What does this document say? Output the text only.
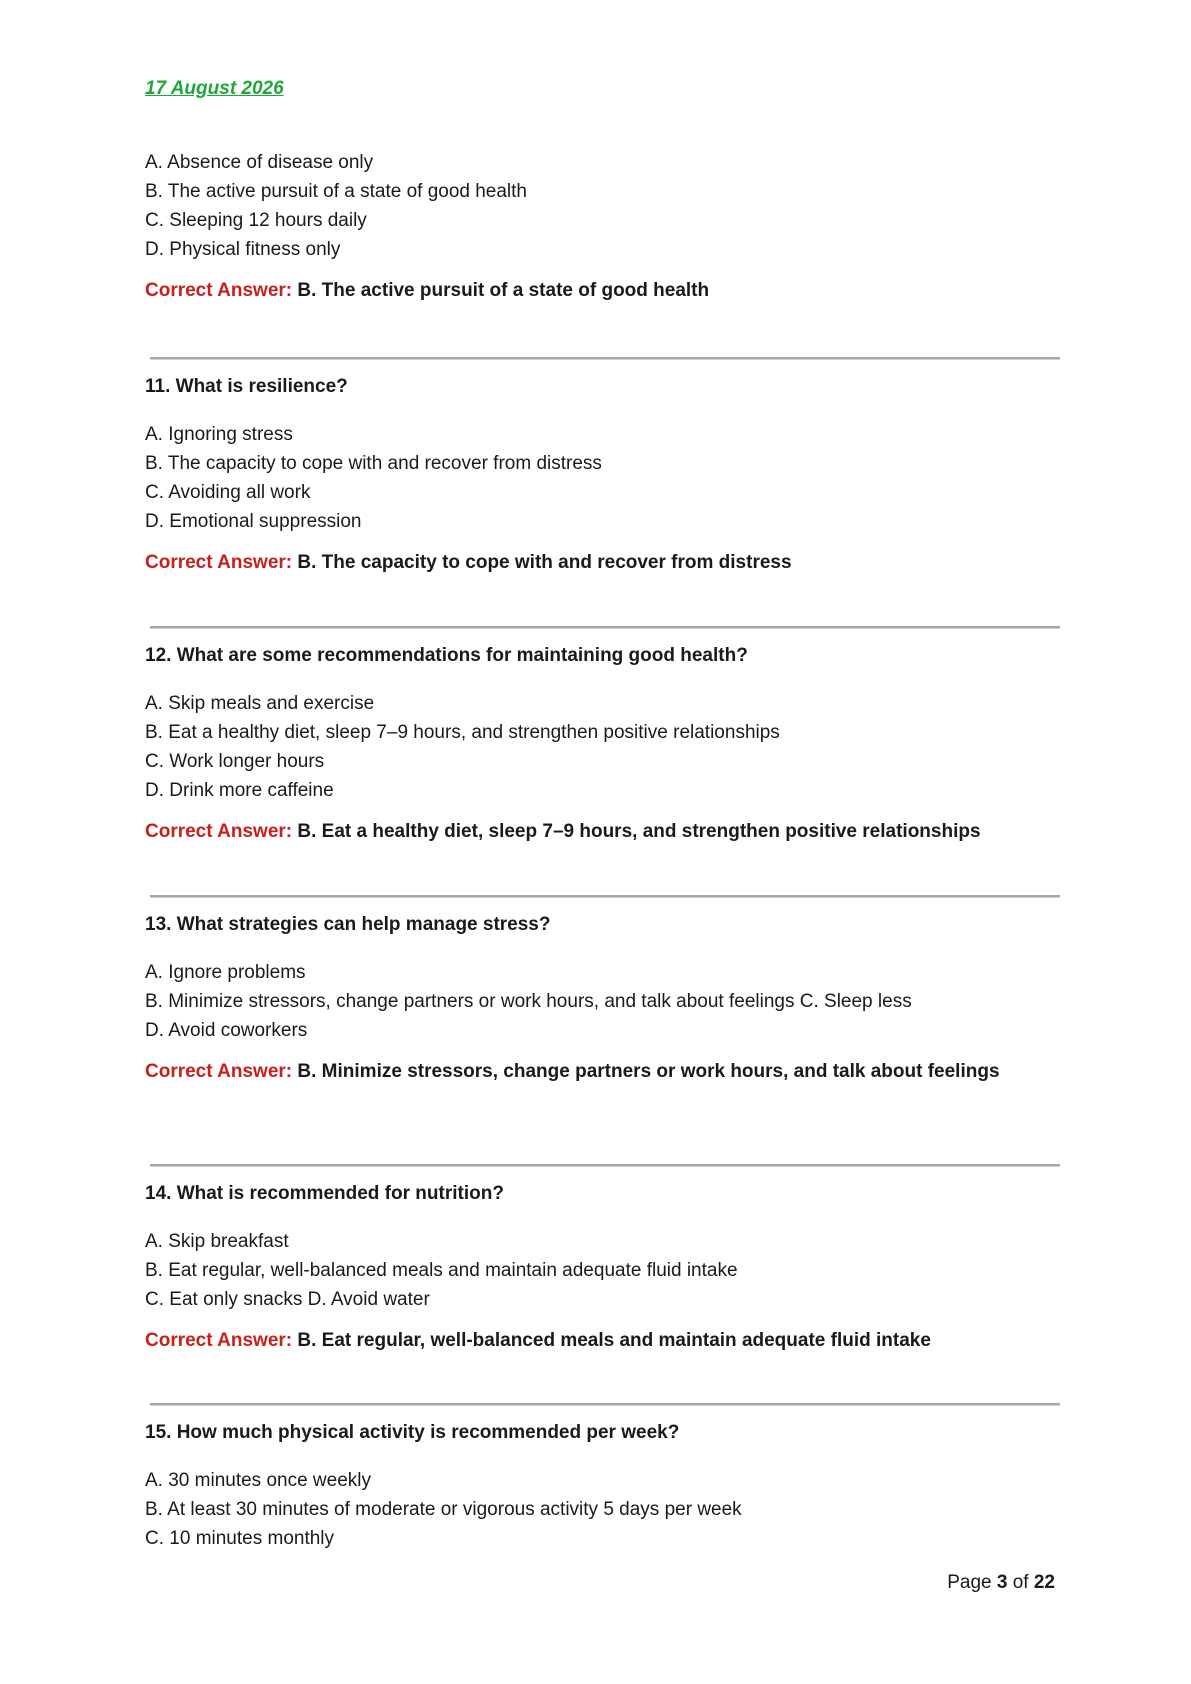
17 August 2026
A. Absence of disease only
B. The active pursuit of a state of good health
C. Sleeping 12 hours daily
D. Physical fitness only
Correct Answer: B. The active pursuit of a state of good health
11. What is resilience?
A. Ignoring stress
B. The capacity to cope with and recover from distress
C. Avoiding all work
D. Emotional suppression
Correct Answer: B. The capacity to cope with and recover from distress
12. What are some recommendations for maintaining good health?
A. Skip meals and exercise
B. Eat a healthy diet, sleep 7–9 hours, and strengthen positive relationships
C. Work longer hours
D. Drink more caffeine
Correct Answer: B. Eat a healthy diet, sleep 7–9 hours, and strengthen positive relationships
13. What strategies can help manage stress?
A. Ignore problems
B. Minimize stressors, change partners or work hours, and talk about feelings C. Sleep less
D. Avoid coworkers
Correct Answer: B. Minimize stressors, change partners or work hours, and talk about feelings
14. What is recommended for nutrition?
A. Skip breakfast
B. Eat regular, well-balanced meals and maintain adequate fluid intake
C. Eat only snacks D. Avoid water
Correct Answer: B. Eat regular, well-balanced meals and maintain adequate fluid intake
15. How much physical activity is recommended per week?
A. 30 minutes once weekly
B. At least 30 minutes of moderate or vigorous activity 5 days per week
C. 10 minutes monthly
Page 3 of 22
